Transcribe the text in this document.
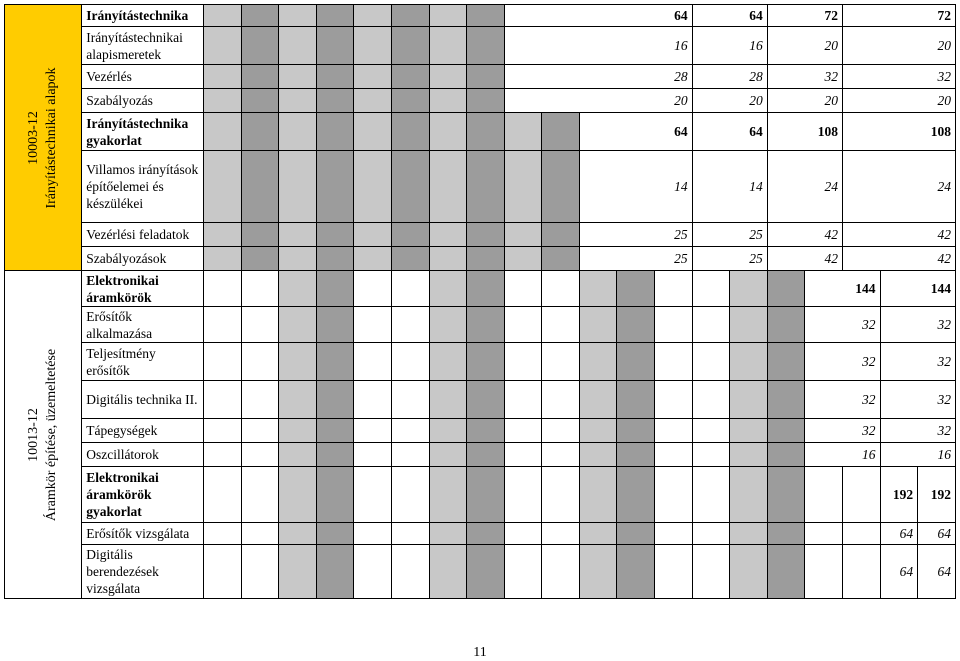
10003-12 Irányítástechnikai alapok	Irányítástechnika									64					64		72		72		
	Irányítástechnikai alapismeretek									16					16		20		20		
	Vezérlés									28					28		32		32		
	Szabályozás									20					20		20		20		
	Irányítástechnika gyakorlat											64			64		108		108		
	Villamos irányítások építőelemei és készülékei											14			14		24		24		
	Vezérlési feladatok											25			25		42		42		
	Szabályozások											25			25		42		42		

10013-12 Áramkör építése, üzemeltetése	Elektronikai áramkörök																	144		144	
	Erősítők alkalmazása																	32		32	
	Teljesítmény erősítők																	32		32	
	Digitális technika II.																	32		32	
	Tápegységek																	32		32	
	Oszcillátorok																	16		16	
	Elektronikai áramkörök gyakorlat																			192	192
	Erősítők vizsgálata																			64	64
	Digitális berendezések vizsgálata																			64	64
11
